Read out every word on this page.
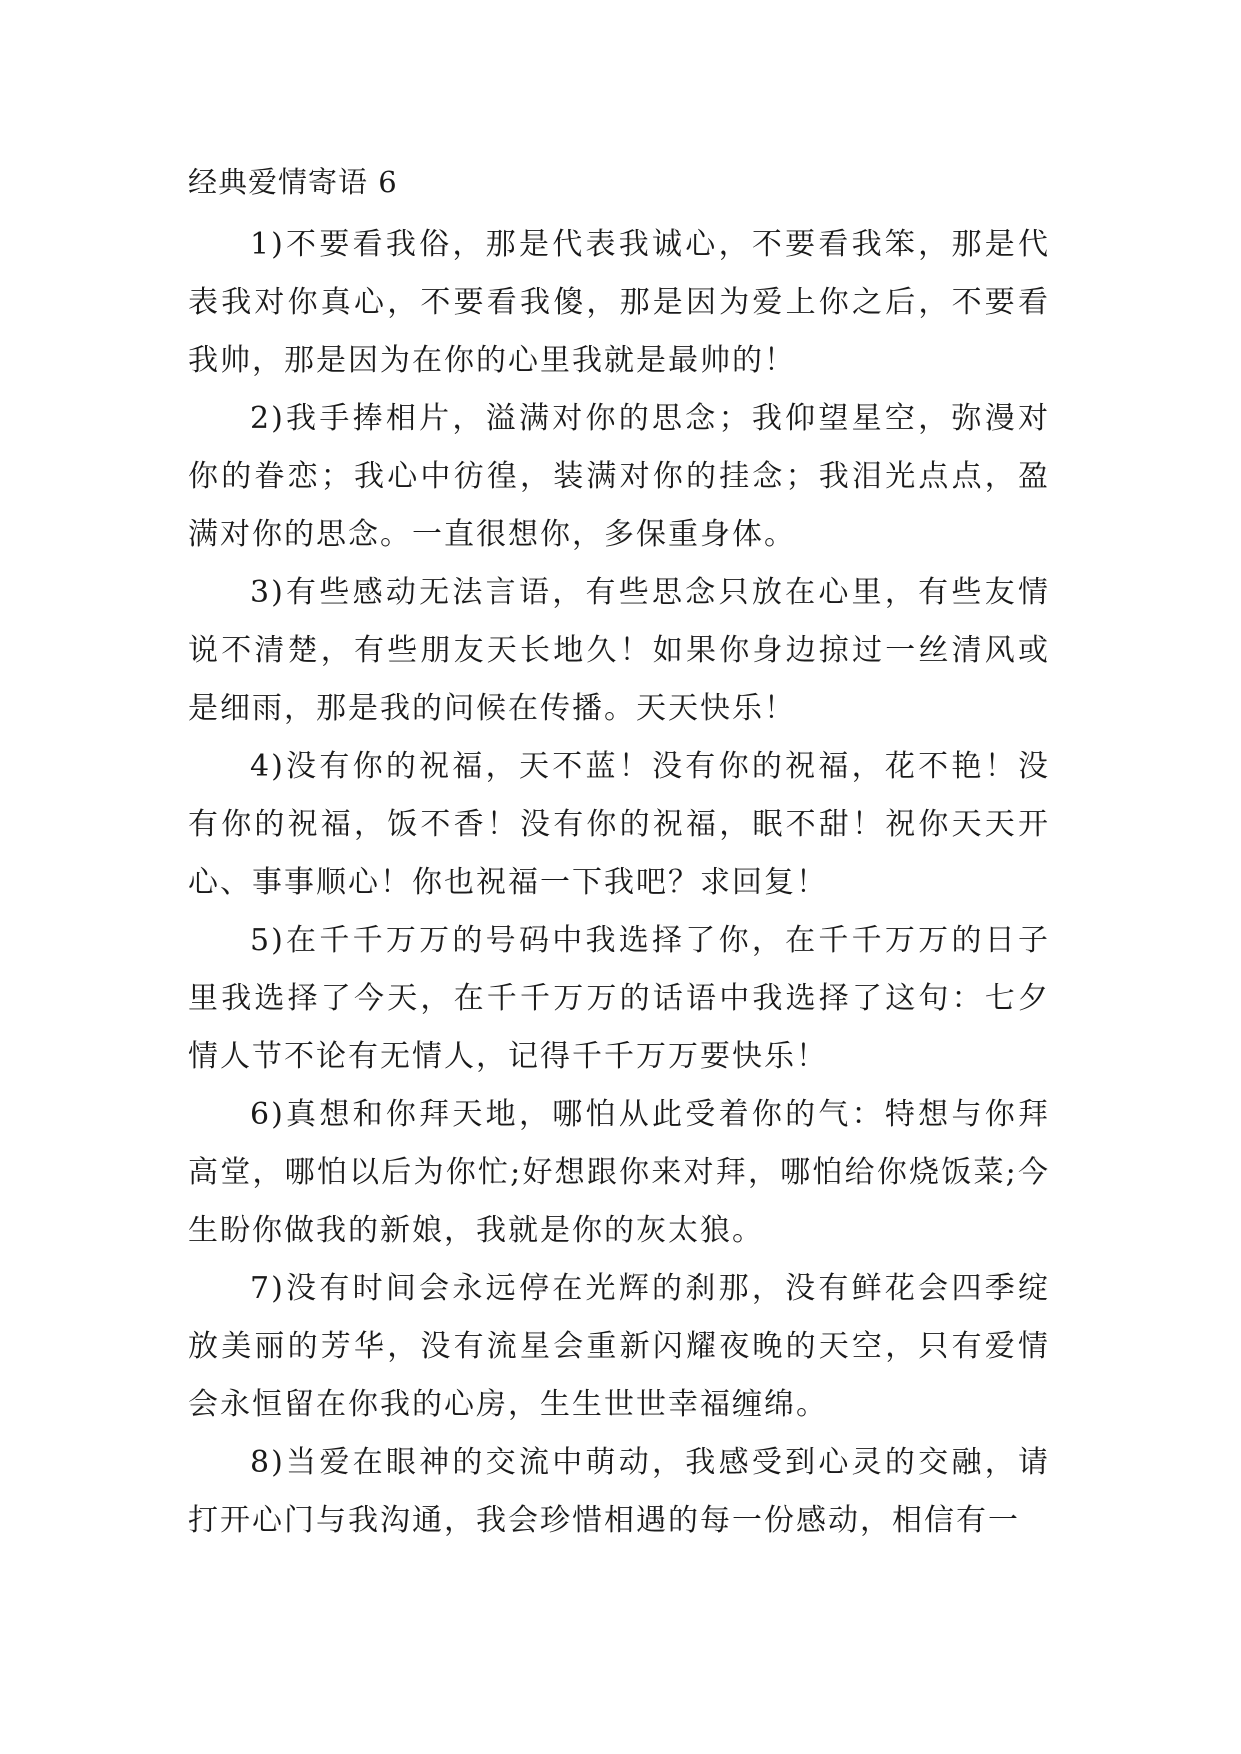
经典爱情寄语 6

1)不要看我俗，那是代表我诚心，不要看我笨，那是代表我对你真心，不要看我傻，那是因为爱上你之后，不要看我帅，那是因为在你的心里我就是最帅的！

2)我手捧相片，溢满对你的思念；我仰望星空，弥漫对你的眷恋；我心中彷徨，装满对你的挂念；我泪光点点，盈满对你的思念。一直很想你，多保重身体。

3)有些感动无法言语，有些思念只放在心里，有些友情说不清楚，有些朋友天长地久！如果你身边掠过一丝清风或是细雨，那是我的问候在传播。天天快乐！

4)没有你的祝福，天不蓝！没有你的祝福，花不艳！没有你的祝福，饭不香！没有你的祝福，眠不甜！祝你天天开心、事事顺心！你也祝福一下我吧？求回复！

5)在千千万万的号码中我选择了你，在千千万万的日子里我选择了今天，在千千万万的话语中我选择了这句：七夕情人节不论有无情人，记得千千万万要快乐！

6)真想和你拜天地，哪怕从此受着你的气：特想与你拜高堂，哪怕以后为你忙;好想跟你来对拜，哪怕给你烧饭菜;今生盼你做我的新娘，我就是你的灰太狼。

7)没有时间会永远停在光辉的刹那，没有鲜花会四季绽放美丽的芳华，没有流星会重新闪耀夜晚的天空，只有爱情会永恒留在你我的心房，生生世世幸福缠绵。

8)当爱在眼神的交流中萌动，我感受到心灵的交融，请打开心门与我沟通，我会珍惜相遇的每一份感动，相信有一
